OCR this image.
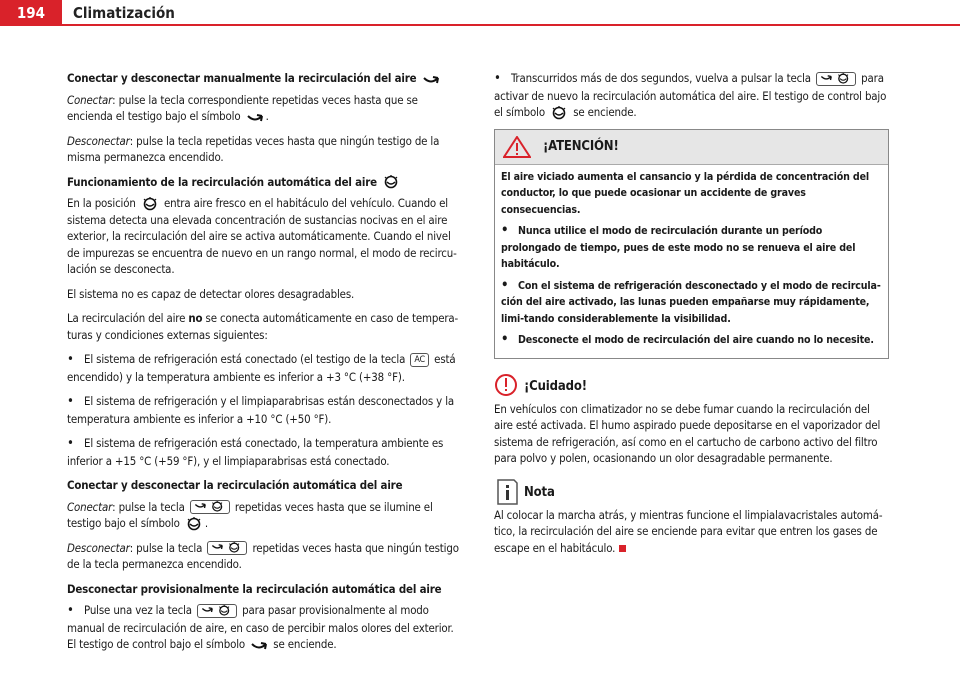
194	Climatización
Conectar y desconectar manualmente la recirculación del aire

Conectar: pulse la tecla correspondiente repetidas veces hasta que se encienda el testigo bajo el símbolo .

Desconectar: pulse la tecla repetidas veces hasta que ningún testigo de la misma permanezca encendido.

Funcionamiento de la recirculación automática del aire

En la posición entra aire fresco en el habitáculo del vehículo. Cuando el sistema detecta una elevada concentración de sustancias nocivas en el aire exterior, la recirculación del aire se activa automáticamente. Cuando el nivel de impurezas se encuentra de nuevo en un rango normal, el modo de recircu-lación se desconecta.

El sistema no es capaz de detectar olores desagradables.

La recirculación del aire no se conecta automáticamente en caso de tempera-turas y condiciones externas siguientes:

• El sistema de refrigeración está conectado (el testigo de la tecla AC está encendido) y la temperatura ambiente es inferior a +3 °C (+38 °F).

• El sistema de refrigeración y el limpiaparabrisas están desconectados y la temperatura ambiente es inferior a +10 °C (+50 °F).

• El sistema de refrigeración está conectado, la temperatura ambiente es inferior a +15 °C (+59 °F), y el limpiaparabrisas está conectado.

Conectar y desconectar la recirculación automática del aire

Conectar: pulse la tecla	repetidas veces hasta que se ilumine el testigo bajo el símbolo .

Desconectar: pulse la tecla	repetidas veces hasta que ningún testigo de la tecla permanezca encendido.

Desconectar provisionalmente la recirculación automática del aire

• Pulse una vez la tecla	para pasar provisionalmente al modo manual de recirculación de aire, en caso de percibir malos olores del exterior. El testigo de control bajo el símbolo se enciende.

• Transcurridos más de dos segundos, vuelva a pulsar la tecla	para activar de nuevo la recirculación automática del aire. El testigo de control bajo el símbolo se enciende.

¡ATENCIÓN!

El aire viciado aumenta el cansancio y la pérdida de concentración del conductor, lo que puede ocasionar un accidente de graves consecuencias.

• Nunca utilice el modo de recirculación durante un período prolongado de tiempo, pues de este modo no se renueva el aire del habitáculo.

• Con el sistema de refrigeración desconectado y el modo de recircula-ción del aire activado, las lunas pueden empañarse muy rápidamente, limi-tando considerablemente la visibilidad.

• Desconecte el modo de recirculación del aire cuando no lo necesite.

¡Cuidado!

En vehículos con climatizador no se debe fumar cuando la recirculación del aire esté activada. El humo aspirado puede depositarse en el vaporizador del sistema de refrigeración, así como en el cartucho de carbono activo del filtro para polvo y polen, ocasionando un olor desagradable permanente.

Nota

Al colocar la marcha atrás, y mientras funcione el limpialavacristales automá-tico, la recirculación del aire se enciende para evitar que entren los gases de escape en el habitáculo.
